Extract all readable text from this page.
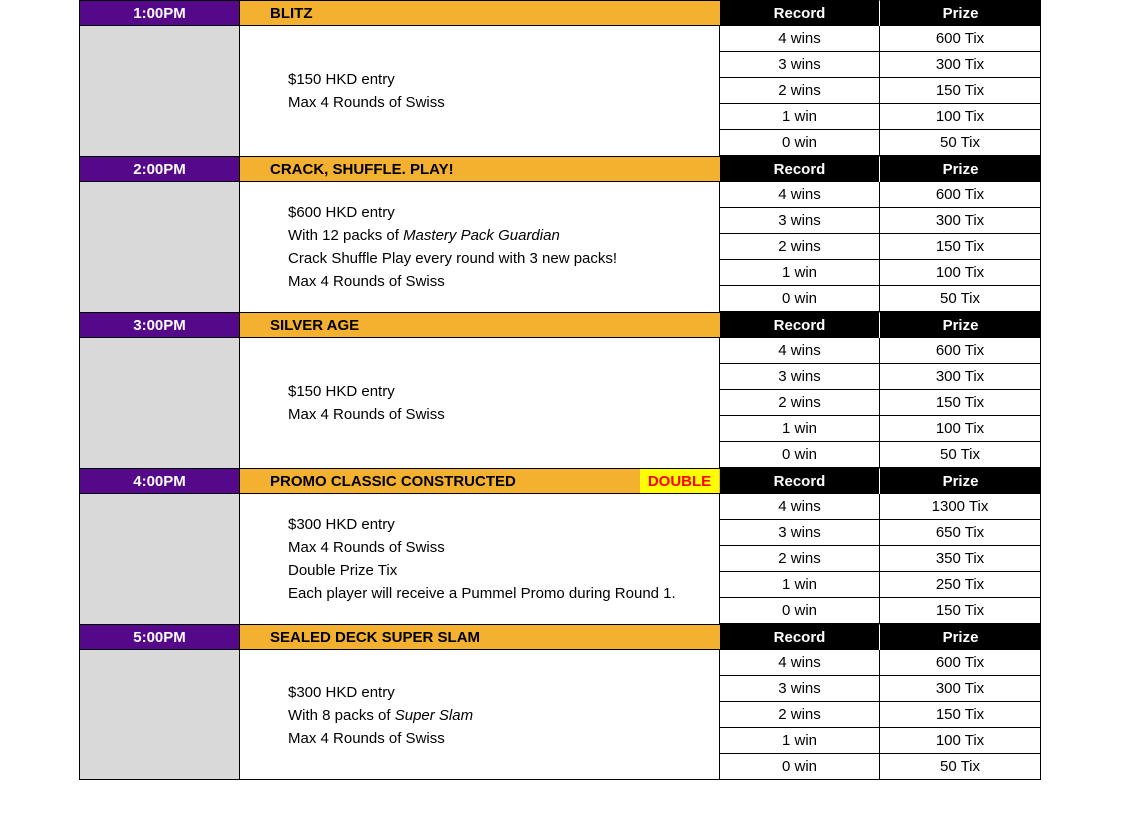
1:00PM	BLITZ	Record	Prize
$150 HKD entry
Max 4 Rounds of Swiss
4 wins	600 Tix
3 wins	300 Tix
2 wins	150 Tix
1 win	100 Tix
0 win	50 Tix
2:00PM	CRACK, SHUFFLE. PLAY!	Record	Prize
$600 HKD entry
With 12 packs of Mastery Pack Guardian
Crack Shuffle Play every round with 3 new packs!
Max 4 Rounds of Swiss
4 wins	600 Tix
3 wins	300 Tix
2 wins	150 Tix
1 win	100 Tix
0 win	50 Tix
3:00PM	SILVER AGE	Record	Prize
$150 HKD entry
Max 4 Rounds of Swiss
4 wins	600 Tix
3 wins	300 Tix
2 wins	150 Tix
1 win	100 Tix
0 win	50 Tix
4:00PM	PROMO CLASSIC CONSTRUCTED	DOUBLE	Record	Prize
$300 HKD entry
Max 4 Rounds of Swiss
Double Prize Tix
Each player will receive a Pummel Promo during Round 1.
4 wins	1300 Tix
3 wins	650 Tix
2 wins	350 Tix
1 win	250 Tix
0 win	150 Tix
5:00PM	SEALED DECK SUPER SLAM	Record	Prize
$300 HKD entry
With 8 packs of Super Slam
Max 4 Rounds of Swiss
4 wins	600 Tix
3 wins	300 Tix
2 wins	150 Tix
1 win	100 Tix
0 win	50 Tix
